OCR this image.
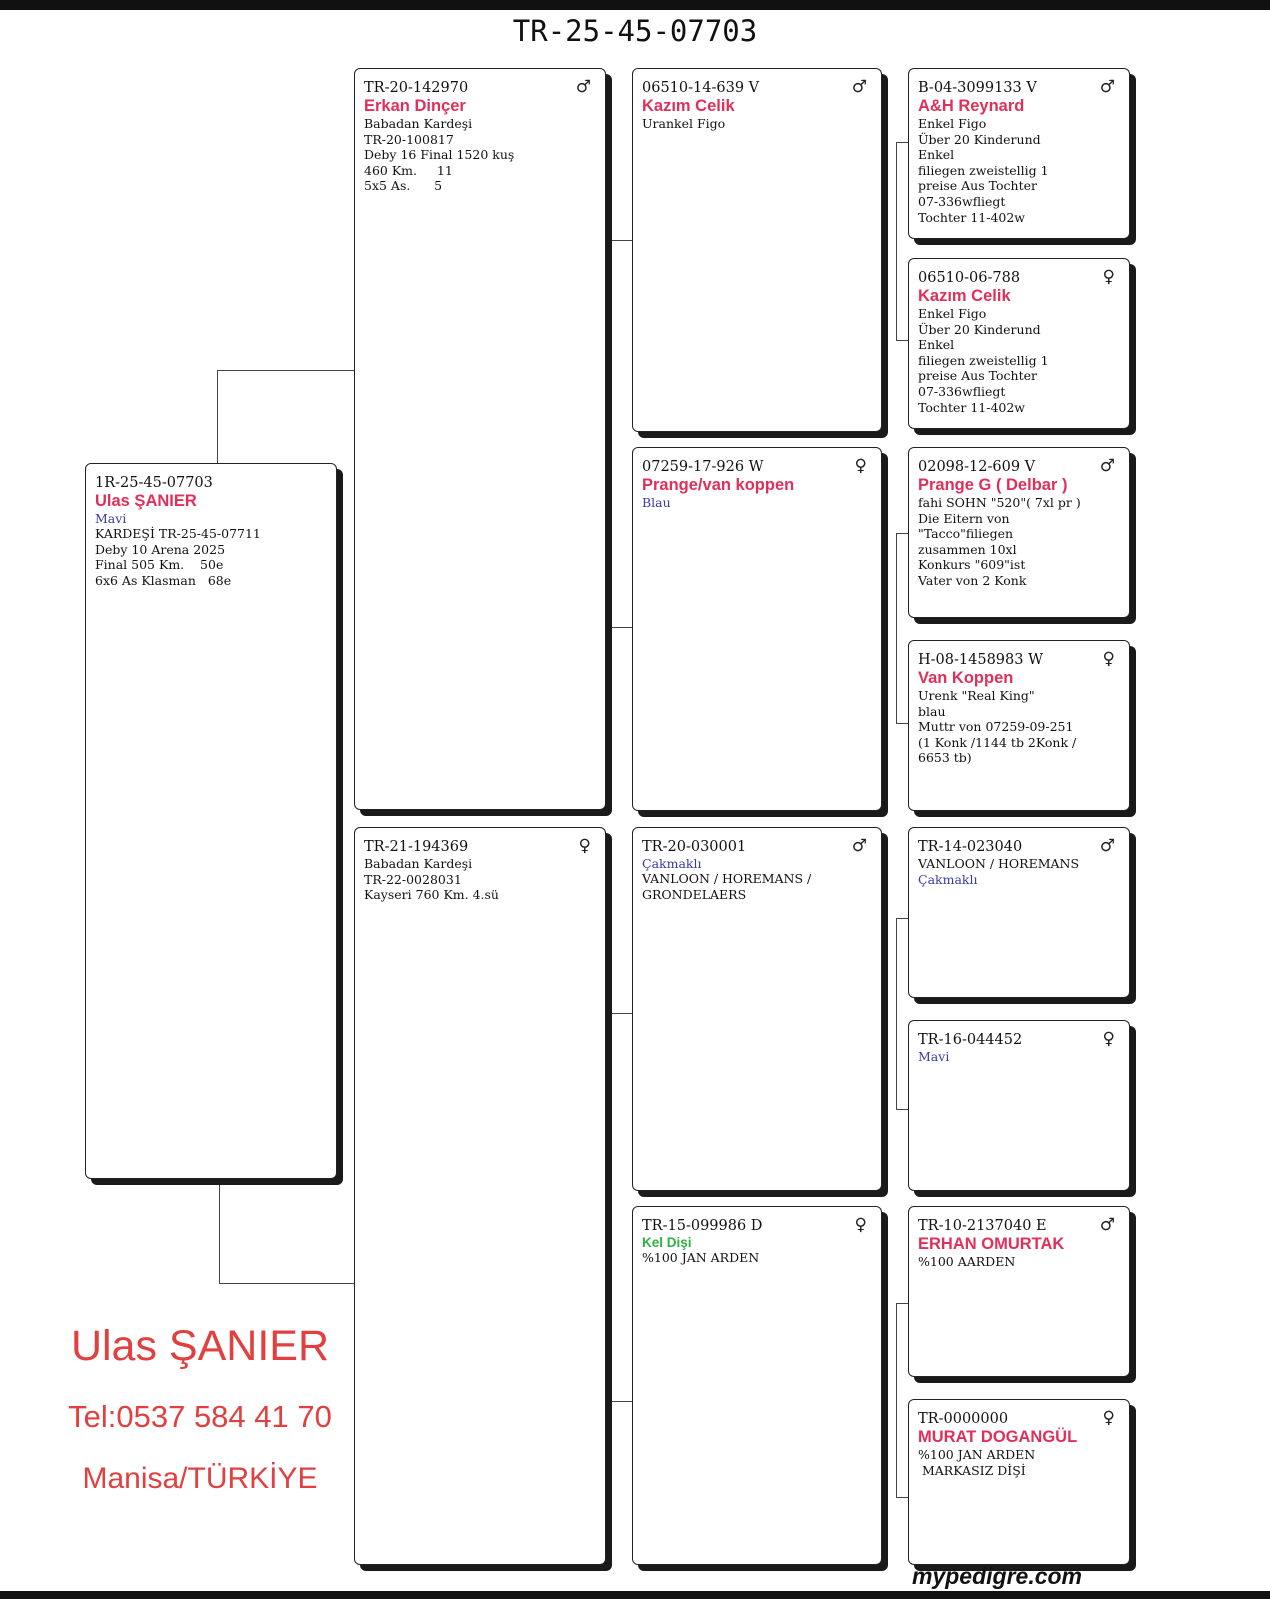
TR-25-45-07703
1R-25-45-07703
Ulas ŞANIER
Mavi
KARDEŞİ TR-25-45-07711
Deby 10 Arena 2025
Final 505 Km.    50e
6x6 As Klasman   68e
♂
TR-20-142970
Erkan Dinçer
Babadan Kardeşi
TR-20-100817
Deby 16 Final 1520 kuş
460 Km.     11
5x5 As.      5
♀
TR-21-194369
Babadan Kardeşi
TR-22-0028031
Kayseri 760 Km. 4.sü
♂
06510-14-639 V
Kazım Celik
Urankel Figo
♀
07259-17-926 W
Prange/van koppen
Blau
♂
TR-20-030001
Çakmaklı
VANLOON / HOREMANS /
GRONDELAERS
♀
TR-15-099986 D
Kel Dişi
%100 JAN ARDEN
♂
B-04-3099133 V
A&H Reynard
Enkel Figo
Über 20 Kinderund
Enkel
filiegen zweistellig 1
preise Aus Tochter
07-336wfliegt
Tochter 11-402w
♀
06510-06-788
Kazım Celik
Enkel Figo
Über 20 Kinderund
Enkel
filiegen zweistellig 1
preise Aus Tochter
07-336wfliegt
Tochter 11-402w
♂
02098-12-609 V
Prange G ( Delbar )
fahi SOHN "520"( 7xl pr )
Die Eitern von
"Tacco"filiegen
zusammen 10xl
Konkurs "609"ist
Vater von 2 Konk
♀
H-08-1458983 W
Van Koppen
Urenk "Real King"
blau
Muttr von 07259-09-251
(1 Konk /1144 tb 2Konk /
6653 tb)
♂
TR-14-023040
VANLOON / HOREMANS
Çakmaklı
♀
TR-16-044452
Mavi
♂
TR-10-2137040 E
ERHAN OMURTAK
%100 AARDEN
♀
TR-0000000
MURAT DOGANGÜL
%100 JAN ARDEN
MARKASIZ DİŞİ
Ulas ŞANIER
Tel:0537 584 41 70
Manisa/TÜRKİYE
mypedigre.com
